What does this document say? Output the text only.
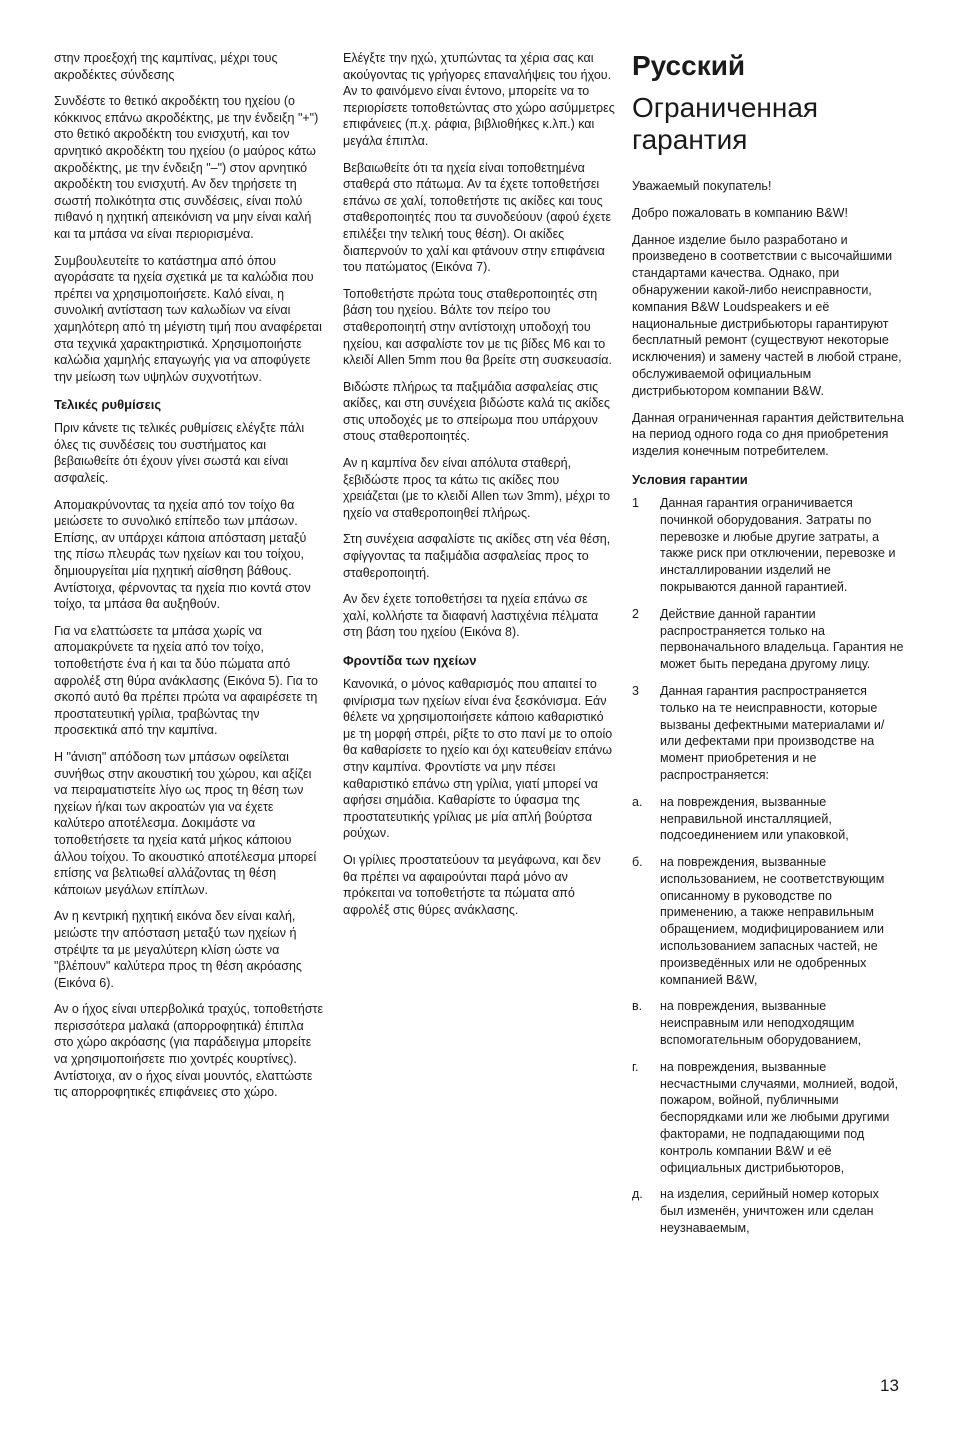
στην προεξοχή της καμπίνας, μέχρι τους ακροδέκτες σύνδεσης

Συνδέστε το θετικό ακροδέκτη του ηχείου (ο κόκκινος επάνω ακροδέκτης, με την ένδειξη "+") στο θετικό ακροδέκτη του ενισχυτή, και τον αρνητικό ακροδέκτη του ηχείου (ο μαύρος κάτω ακροδέκτης, με την ένδειξη "–") στον αρνητικό ακροδέκτη του ενισχυτή. Αν δεν τηρήσετε τη σωστή πολικότητα στις συνδέσεις, είναι πολύ πιθανό η ηχητική απεικόνιση να μην είναι καλή και τα μπάσα να είναι περιορισμένα.

Συμβουλευτείτε το κατάστημα από όπου αγοράσατε τα ηχεία σχετικά με τα καλώδια που πρέπει να χρησιμοποιήσετε. Καλό είναι, η συνολική αντίσταση των καλωδίων να είναι χαμηλότερη από τη μέγιστη τιμή που αναφέρεται στα τεχνικά χαρακτηριστικά. Χρησιμοποιήστε καλώδια χαμηλής επαγωγής για να αποφύγετε την μείωση των υψηλών συχνοτήτων.

Τελικές ρυθμίσεις

Πριν κάνετε τις τελικές ρυθμίσεις ελέγξτε πάλι όλες τις συνδέσεις του συστήματος και βεβαιωθείτε ότι έχουν γίνει σωστά και είναι ασφαλείς.

Απομακρύνοντας τα ηχεία από τον τοίχο θα μειώσετε το συνολικό επίπεδο των μπάσων. Επίσης, αν υπάρχει κάποια απόσταση μεταξύ της πίσω πλευράς των ηχείων και του τοίχου, δημιουργείται μία ηχητική αίσθηση βάθους. Αντίστοιχα, φέρνοντας τα ηχεία πιο κοντά στον τοίχο, τα μπάσα θα αυξηθούν.

Για να ελαττώσετε τα μπάσα χωρίς να απομακρύνετε τα ηχεία από τον τοίχο, τοποθετήστε ένα ή και τα δύο πώματα από αφρολέξ στη θύρα ανάκλασης (Εικόνα 5). Για το σκοπό αυτό θα πρέπει πρώτα να αφαιρέσετε τη προστατευτική γρίλια, τραβώντας την προσεκτικά από την καμπίνα.

Η "άνιση" απόδοση των μπάσων οφείλεται συνήθως στην ακουστική του χώρου, και αξίζει να πειραματιστείτε λίγο ως προς τη θέση των ηχείων ή/και των ακροατών για να έχετε καλύτερο αποτέλεσμα. Δοκιμάστε να τοποθετήσετε τα ηχεία κατά μήκος κάποιου άλλου τοίχου. Το ακουστικό αποτέλεσμα μπορεί επίσης να βελτιωθεί αλλάζοντας τη θέση κάποιων μεγάλων επίπλων.

Αν η κεντρική ηχητική εικόνα δεν είναι καλή, μειώστε την απόσταση μεταξύ των ηχείων ή στρέψτε τα με μεγαλύτερη κλίση ώστε να "βλέπουν" καλύτερα προς τη θέση ακρόασης (Εικόνα 6).

Αν ο ήχος είναι υπερβολικά τραχύς, τοποθετήστε περισσότερα μαλακά (απορροφητικά) έπιπλα στο χώρο ακρόασης (για παράδειγμα μπορείτε να χρησιμοποιήσετε πιο χοντρές κουρτίνες). Αντίστοιχα, αν ο ήχος είναι μουντός, ελαττώστε τις απορροφητικές επιφάνειες στο χώρο.

Ελέγξτε την ηχώ, χτυπώντας τα χέρια σας και ακούγοντας τις γρήγορες επαναλήψεις του ήχου. Αν το φαινόμενο είναι έντονο, μπορείτε να το περιορίσετε τοποθετώντας στο χώρο ασύμμετρες επιφάνειες (π.χ. ράφια, βιβλιοθήκες κ.λπ.) και μεγάλα έπιπλα.

Βεβαιωθείτε ότι τα ηχεία είναι τοποθετημένα σταθερά στο πάτωμα. Αν τα έχετε τοποθετήσει επάνω σε χαλί, τοποθετήστε τις ακίδες και τους σταθεροποιητές που τα συνοδεύουν (αφού έχετε επιλέξει την τελική τους θέση). Οι ακίδες διαπερνούν το χαλί και φτάνουν στην επιφάνεια του πατώματος (Εικόνα 7).

Τοποθετήστε πρώτα τους σταθεροποιητές στη βάση του ηχείου. Βάλτε τον πείρο του σταθεροποιητή στην αντίστοιχη υποδοχή του ηχείου, και ασφαλίστε τον με τις βίδες Μ6 και το κλειδί Allen 5mm που θα βρείτε στη συσκευασία.

Βιδώστε πλήρως τα παξιμάδια ασφαλείας στις ακίδες, και στη συνέχεια βιδώστε καλά τις ακίδες στις υποδοχές με το σπείρωμα που υπάρχουν στους σταθεροποιητές.

Αν η καμπίνα δεν είναι απόλυτα σταθερή, ξεβιδώστε προς τα κάτω τις ακίδες που χρειάζεται (με το κλειδί Allen των 3mm), μέχρι το ηχείο να σταθεροποιηθεί πλήρως.

Στη συνέχεια ασφαλίστε τις ακίδες στη νέα θέση, σφίγγοντας τα παξιμάδια ασφαλείας προς το σταθεροποιητή.

Αν δεν έχετε τοποθετήσει τα ηχεία επάνω σε χαλί, κολλήστε τα διαφανή λαστιχένια πέλματα στη βάση του ηχείου (Εικόνα 8).

Φροντίδα των ηχείων

Κανονικά, ο μόνος καθαρισμός που απαιτεί το φινίρισμα των ηχείων είναι ένα ξεσκόνισμα. Εάν θέλετε να χρησιμοποιήσετε κάποιο καθαριστικό με τη μορφή σπρέι, ρίξτε το στο πανί με το οποίο θα καθαρίσετε το ηχείο και όχι κατευθείαν επάνω στην καμπίνα. Φροντίστε να μην πέσει καθαριστικό επάνω στη γρίλια, γιατί μπορεί να αφήσει σημάδια. Καθαρίστε το ύφασμα της προστατευτικής γρίλιας με μία απλή βούρτσα ρούχων.

Οι γρίλιες προστατεύουν τα μεγάφωνα, και δεν θα πρέπει να αφαιρούνται παρά μόνο αν πρόκειται να τοποθετήστε τα πώματα από αφρολέξ στις θύρες ανάκλασης.

Русский
Ограниченная гарантия

Уважаемый покупатель!

Добро пожаловать в компанию B&W!

Данное изделие было разработано и произведено в соответствии с высочайшими стандартами качества. Однако, при обнаружении какой-либо неисправности, компания B&W Loudspeakers и её национальные дистрибьюторы гарантируют бесплатный ремонт (существуют некоторые исключения) и замену частей в любой стране, обслуживаемой официальным дистрибьютором компании B&W.

Данная ограниченная гарантия действительна на период одного года со дня приобретения изделия конечным потребителем.

Условия гарантии
1	Данная гарантия ограничивается починкой оборудования. Затраты по перевозке и любые другие затраты, а также риск при отключении, перевозке и инсталлировании изделий не покрываются данной гарантией.
2	Действие данной гарантии распространяется только на первоначального владельца. Гарантия не может быть передана другому лицу.
3	Данная гарантия распространяется только на те неисправности, которые вызваны дефектными материалами и/или дефектами при производстве на момент приобретения и не распространяется:
а.	на повреждения, вызванные неправильной инсталляцией, подсоединением или упаковкой,
б.	на повреждения, вызванные использованием, не соответствующим описанному в руководстве по применению, а также неправильным обращением, модифицированием или использованием запасных частей, не произведённых или не одобренных компанией B&W,
в.	на повреждения, вызванные неисправным или неподходящим вспомогательным оборудованием,
г.	на повреждения, вызванные несчастными случаями, молнией, водой, пожаром, войной, публичными беспорядками или же любыми другими факторами, не подпадающими под контроль компании B&W и её официальных дистрибьюторов,
д.	на изделия, серийный номер которых был изменён, уничтожен или сделан неузнаваемым,
13
